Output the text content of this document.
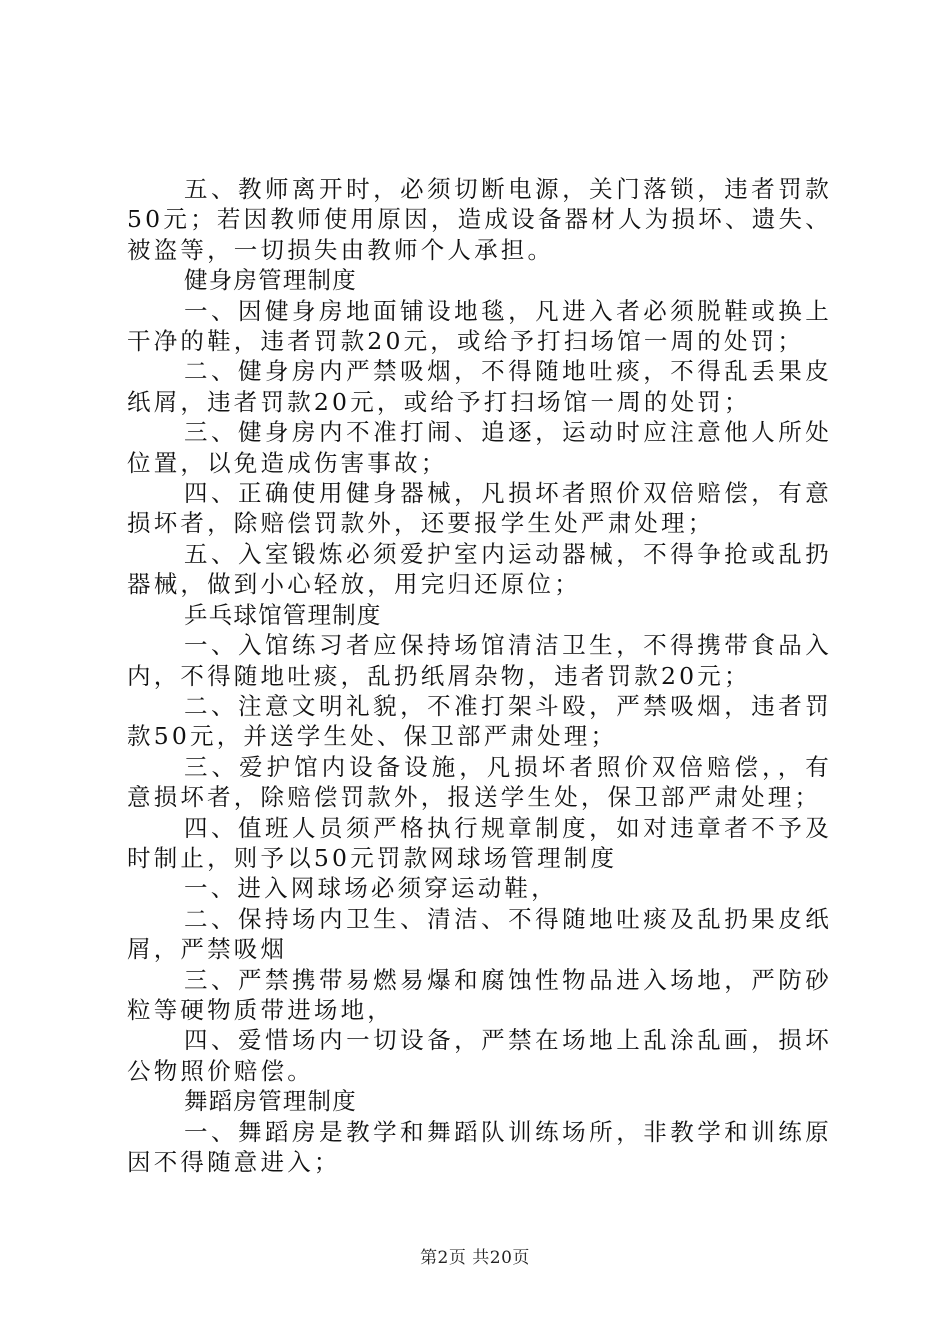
五、教师离开时，必须切断电源，关门落锁，违者罚款50元；若因教师使用原因，造成设备器材人为损坏、遗失、被盗等，一切损失由教师个人承担。

健身房管理制度

一、因健身房地面铺设地毯，凡进入者必须脱鞋或换上干净的鞋，违者罚款20元，或给予打扫场馆一周的处罚；

二、健身房内严禁吸烟，不得随地吐痰，不得乱丢果皮纸屑，违者罚款20元，或给予打扫场馆一周的处罚；

三、健身房内不准打闹、追逐，运动时应注意他人所处位置，以免造成伤害事故；

四、正确使用健身器械，凡损坏者照价双倍赔偿，有意损坏者，除赔偿罚款外，还要报学生处严肃处理；

五、入室锻炼必须爱护室内运动器械，不得争抢或乱扔器械，做到小心轻放，用完归还原位；

乒乓球馆管理制度

一、入馆练习者应保持场馆清洁卫生，不得携带食品入内，不得随地吐痰，乱扔纸屑杂物，违者罚款20元；

二、注意文明礼貌，不准打架斗殴，严禁吸烟，违者罚款50元，并送学生处、保卫部严肃处理；

三、爱护馆内设备设施，凡损坏者照价双倍赔偿，，有意损坏者，除赔偿罚款外，报送学生处，保卫部严肃处理；

四、值班人员须严格执行规章制度，如对违章者不予及时制止，则予以50元罚款网球场管理制度

一、进入网球场必须穿运动鞋，

二、保持场内卫生、清洁、不得随地吐痰及乱扔果皮纸屑，严禁吸烟

三、严禁携带易燃易爆和腐蚀性物品进入场地，严防砂粒等硬物质带进场地，

四、爱惜场内一切设备，严禁在场地上乱涂乱画，损坏公物照价赔偿。

舞蹈房管理制度

一、舞蹈房是教学和舞蹈队训练场所，非教学和训练原因不得随意进入；

第2页 共20页
